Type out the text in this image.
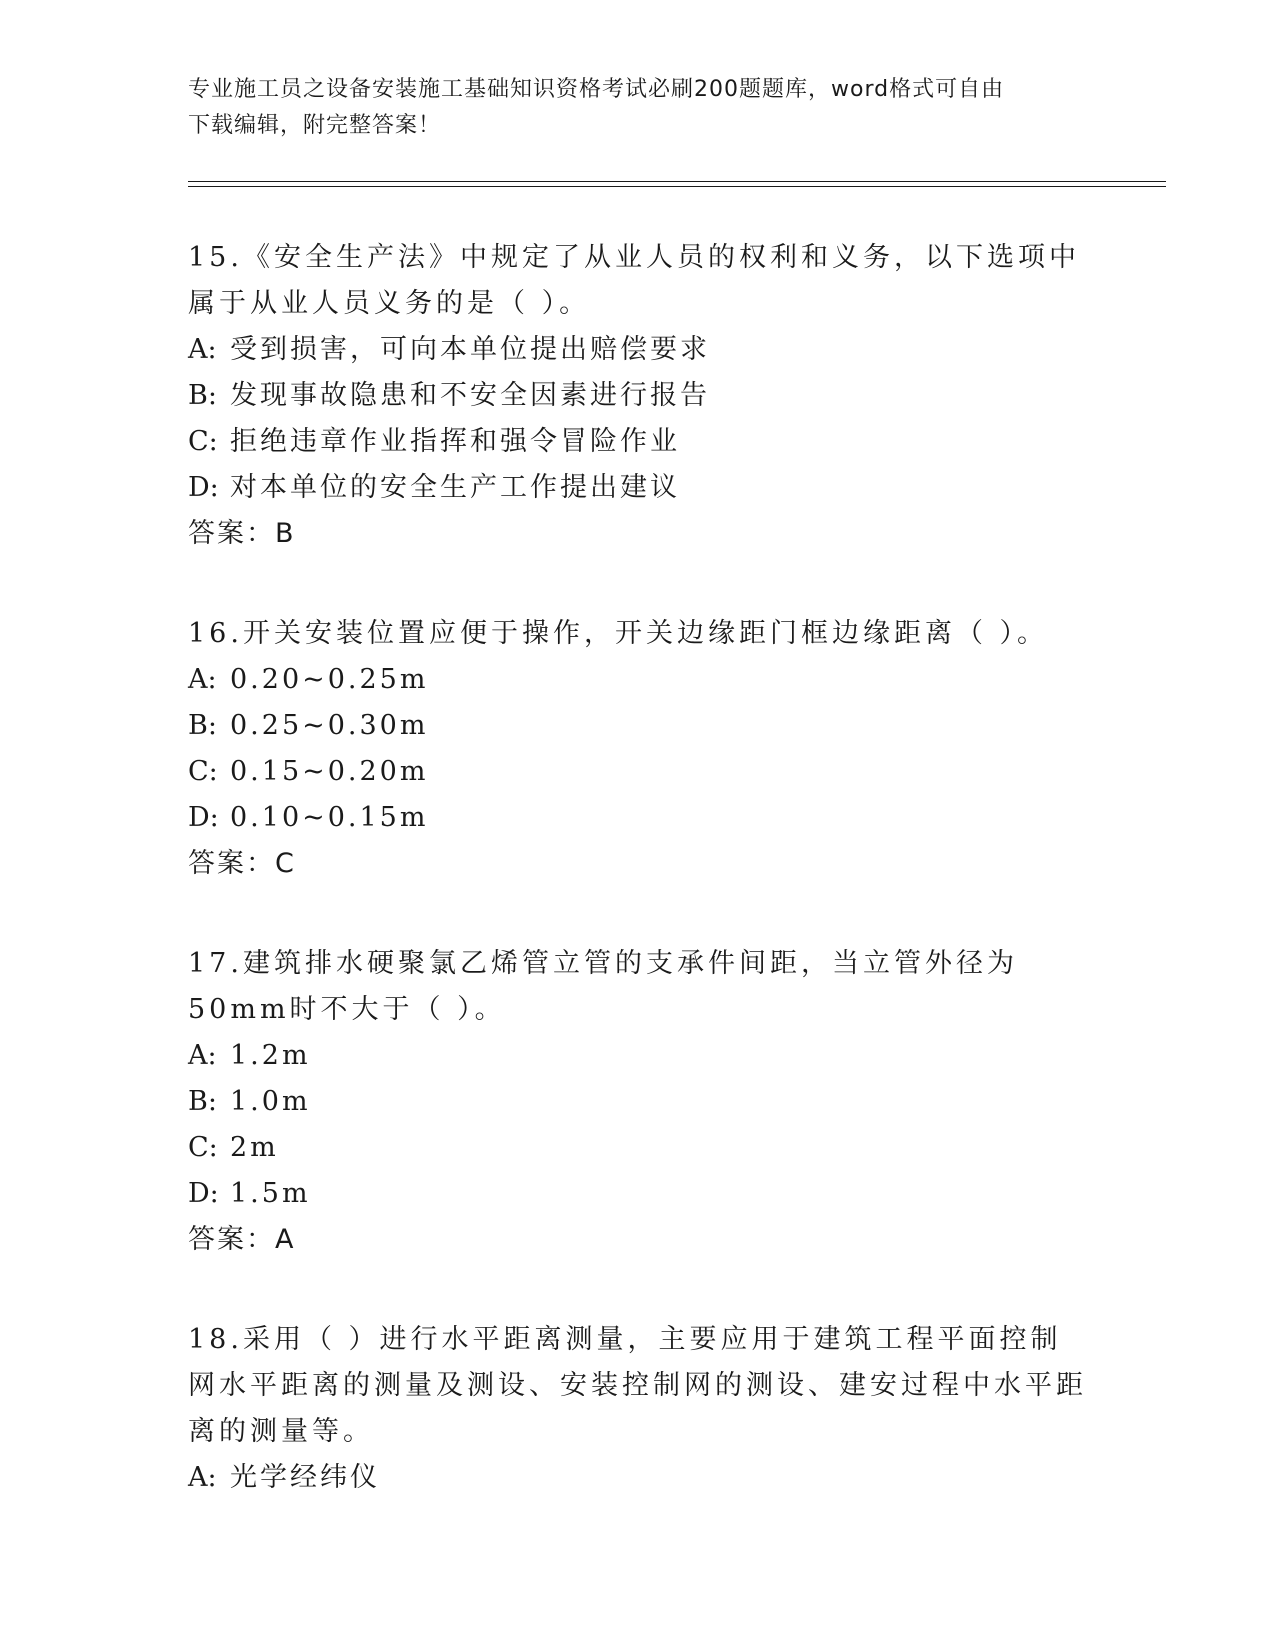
专业施工员之设备安装施工基础知识资格考试必刷200题题库，word格式可自由
下载编辑，附完整答案！
15.《安全生产法》中规定了从业人员的权利和义务，以下选项中属于从业人员义务的是（ ）。
A: 受到损害，可向本单位提出赔偿要求
B: 发现事故隐患和不安全因素进行报告
C: 拒绝违章作业指挥和强令冒险作业
D: 对本单位的安全生产工作提出建议
答案：B
16.开关安装位置应便于操作，开关边缘距门框边缘距离（ ）。
A: 0.20~0.25m
B: 0.25~0.30m
C: 0.15~0.20m
D: 0.10~0.15m
答案：C
17.建筑排水硬聚氯乙烯管立管的支承件间距，当立管外径为50mm时不大于（ ）。
A: 1.2m
B: 1.0m
C: 2m
D: 1.5m
答案：A
18.采用（ ）进行水平距离测量，主要应用于建筑工程平面控制网水平距离的测量及测设、安装控制网的测设、建安过程中水平距离的测量等。
A: 光学经纬仪
